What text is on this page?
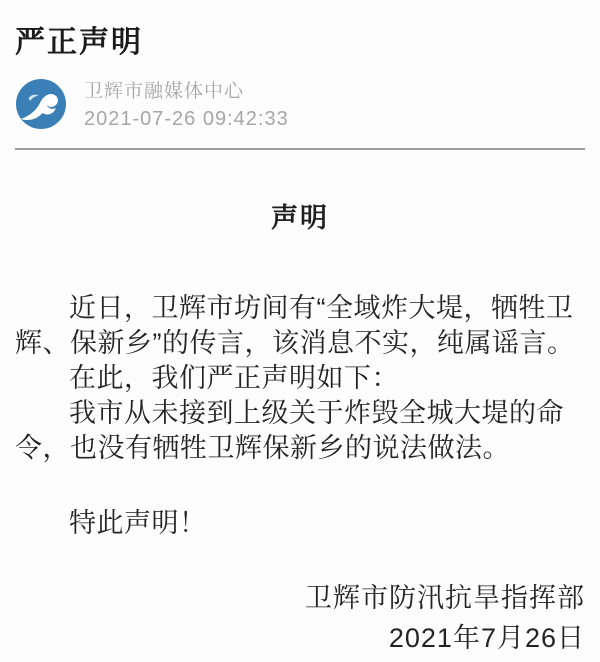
严正声明
卫辉市融媒体中心
2021-07-26 09:42:33
声明

近日，卫辉市坊间有“全域炸大堤，牺牲卫辉、保新乡”的传言，该消息不实，纯属谣言。

在此，我们严正声明如下：

我市从未接到上级关于炸毁全城大堤的命令，也没有牺牲卫辉保新乡的说法做法。

特此声明！

卫辉市防汛抗旱指挥部
2021年7月26日
